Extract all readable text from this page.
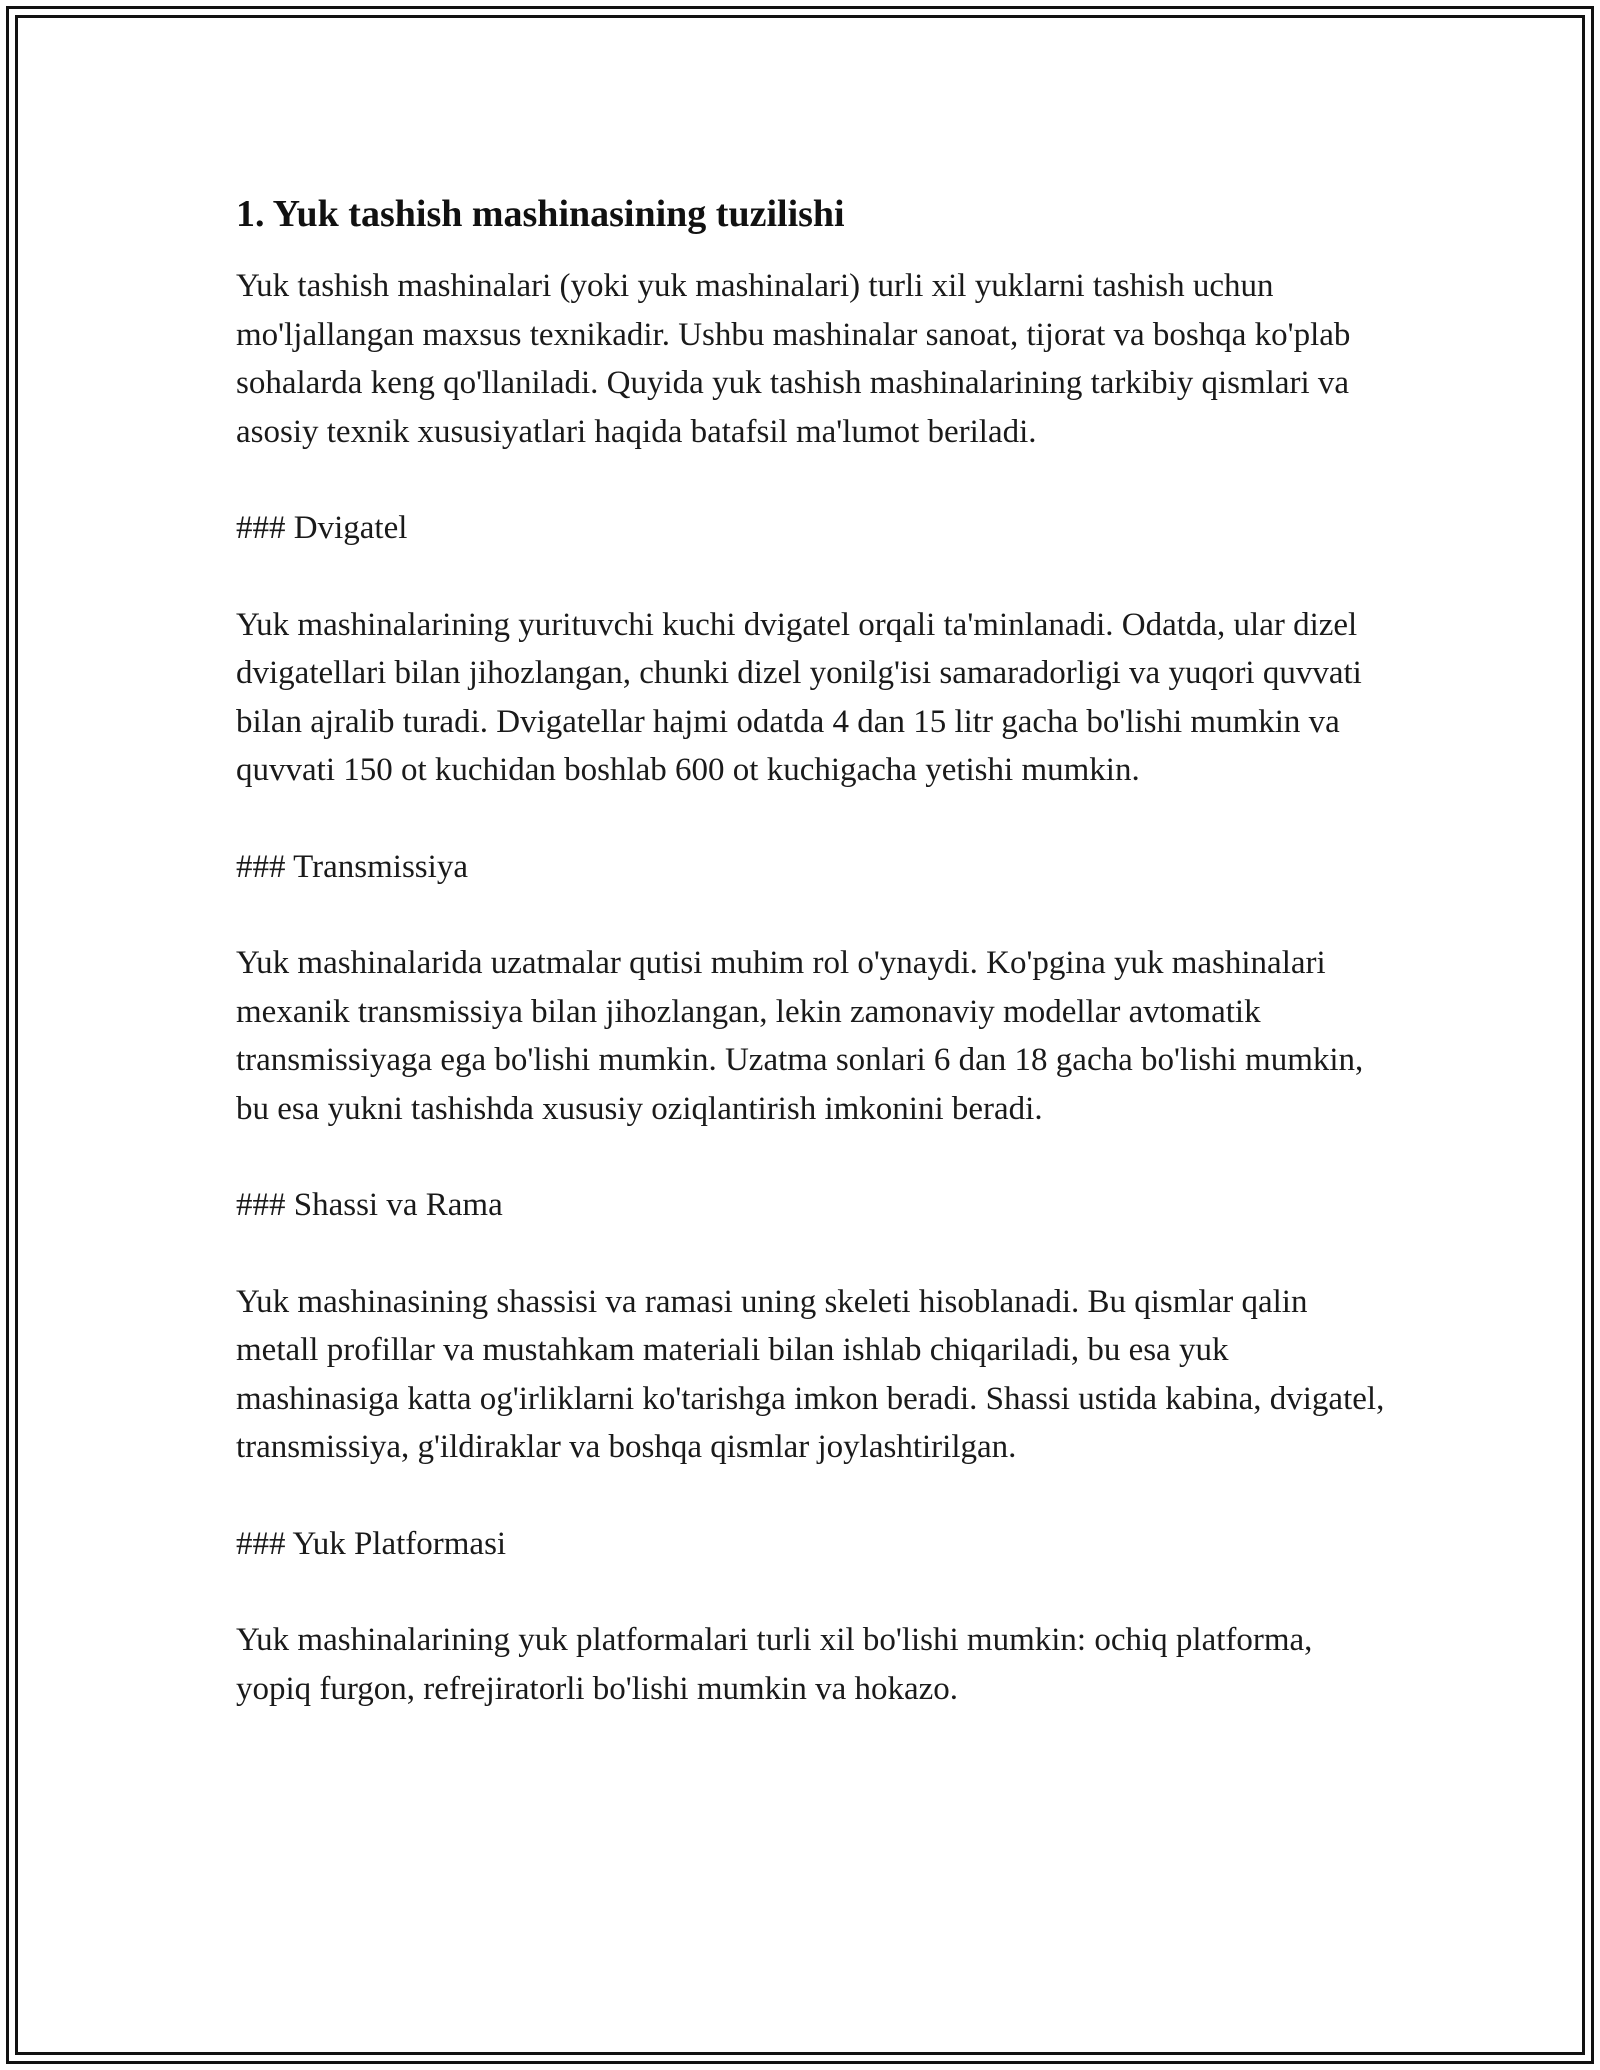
1. Yuk tashish mashinasining tuzilishi

Yuk tashish mashinalari (yoki yuk mashinalari) turli xil yuklarni tashish uchun mo'ljallangan maxsus texnikadir. Ushbu mashinalar sanoat, tijorat va boshqa ko'plab sohalarda keng qo'llaniladi. Quyida yuk tashish mashinalarining tarkibiy qismlari va asosiy texnik xususiyatlari haqida batafsil ma'lumot beriladi.

### Dvigatel

Yuk mashinalarining yurituvchi kuchi dvigatel orqali ta'minlanadi. Odatda, ular dizel dvigatellari bilan jihozlangan, chunki dizel yonilg'isi samaradorligi va yuqori quvvati bilan ajralib turadi. Dvigatellar hajmi odatda 4 dan 15 litr gacha bo'lishi mumkin va quvvati 150 ot kuchidan boshlab 600 ot kuchigacha yetishi mumkin.

### Transmissiya

Yuk mashinalarida uzatmalar qutisi muhim rol o'ynaydi. Ko'pgina yuk mashinalari mexanik transmissiya bilan jihozlangan, lekin zamonaviy modellar avtomatik transmissiyaga ega bo'lishi mumkin. Uzatma sonlari 6 dan 18 gacha bo'lishi mumkin, bu esa yukni tashishda xususiy oziqlantirish imkonini beradi.

### Shassi va Rama

Yuk mashinasining shassisi va ramasi uning skeleti hisoblanadi. Bu qismlar qalin metall profillar va mustahkam materiali bilan ishlab chiqariladi, bu esa yuk mashinasiga katta og'irliklarni ko'tarishga imkon beradi. Shassi ustida kabina, dvigatel, transmissiya, g'ildiraklar va boshqa qismlar joylashtirilgan.

### Yuk Platformasi

Yuk mashinalarining yuk platformalari turli xil bo'lishi mumkin: ochiq platforma, yopiq furgon, refrejiratorli bo'lishi mumkin va hokazo.
